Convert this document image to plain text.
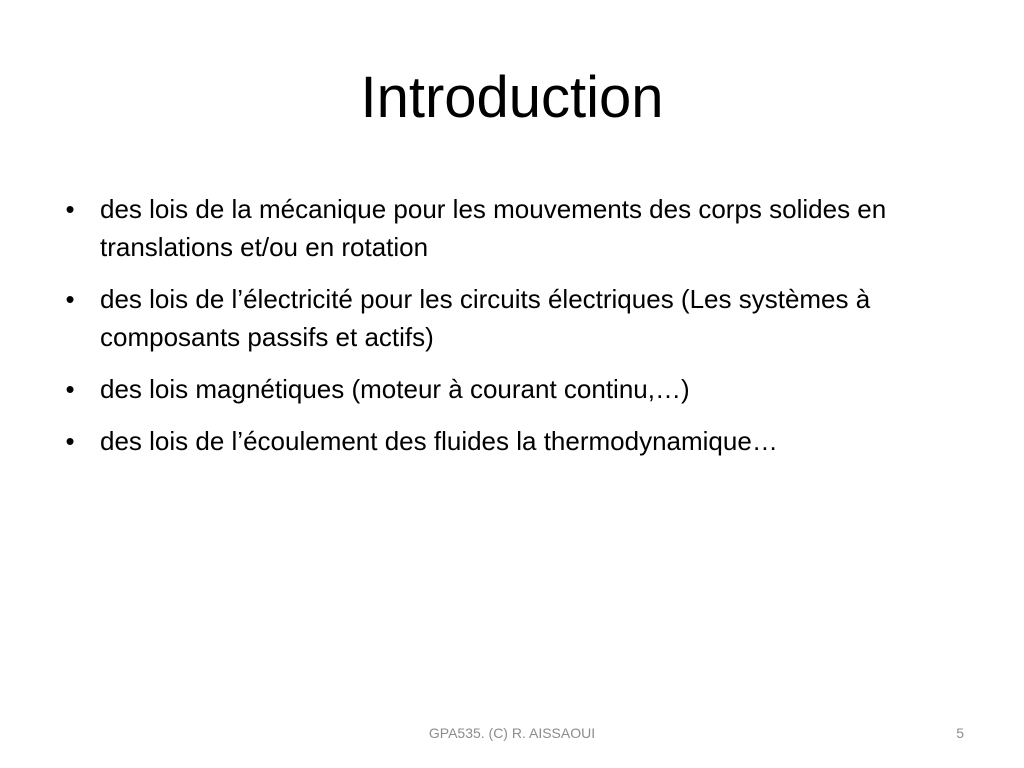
Introduction
• des lois de la mécanique pour les mouvements des corps solides en translations et/ou en rotation
• des lois de l’électricité pour les circuits électriques (Les systèmes à composants passifs et actifs)
• des lois magnétiques (moteur à courant continu,…)
• des lois de l’écoulement des fluides la thermodynamique…
GPA535. (C) R. AISSAOUI	5
